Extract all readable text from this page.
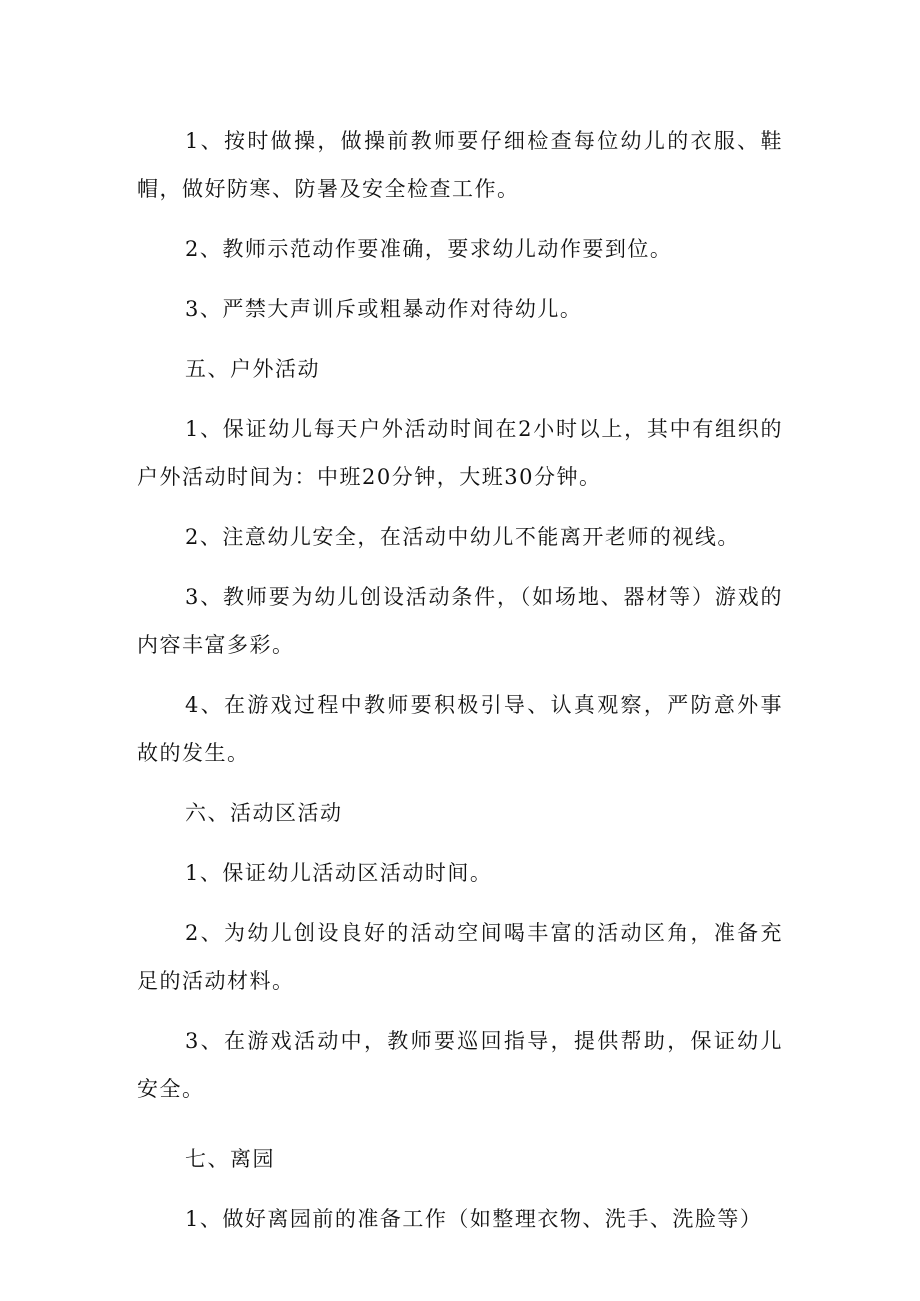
1、按时做操，做操前教师要仔细检查每位幼儿的衣服、鞋帽，做好防寒、防暑及安全检查工作。

2、教师示范动作要准确，要求幼儿动作要到位。

3、严禁大声训斥或粗暴动作对待幼儿。

五、户外活动

1、保证幼儿每天户外活动时间在2小时以上，其中有组织的户外活动时间为：中班20分钟，大班30分钟。

2、注意幼儿安全，在活动中幼儿不能离开老师的视线。

3、教师要为幼儿创设活动条件，（如场地、器材等）游戏的内容丰富多彩。

4、在游戏过程中教师要积极引导、认真观察，严防意外事故的发生。

六、活动区活动

1、保证幼儿活动区活动时间。

2、为幼儿创设良好的活动空间喝丰富的活动区角，准备充足的活动材料。

3、在游戏活动中，教师要巡回指导，提供帮助，保证幼儿安全。

七、离园

1、做好离园前的准备工作（如整理衣物、洗手、洗脸等）
